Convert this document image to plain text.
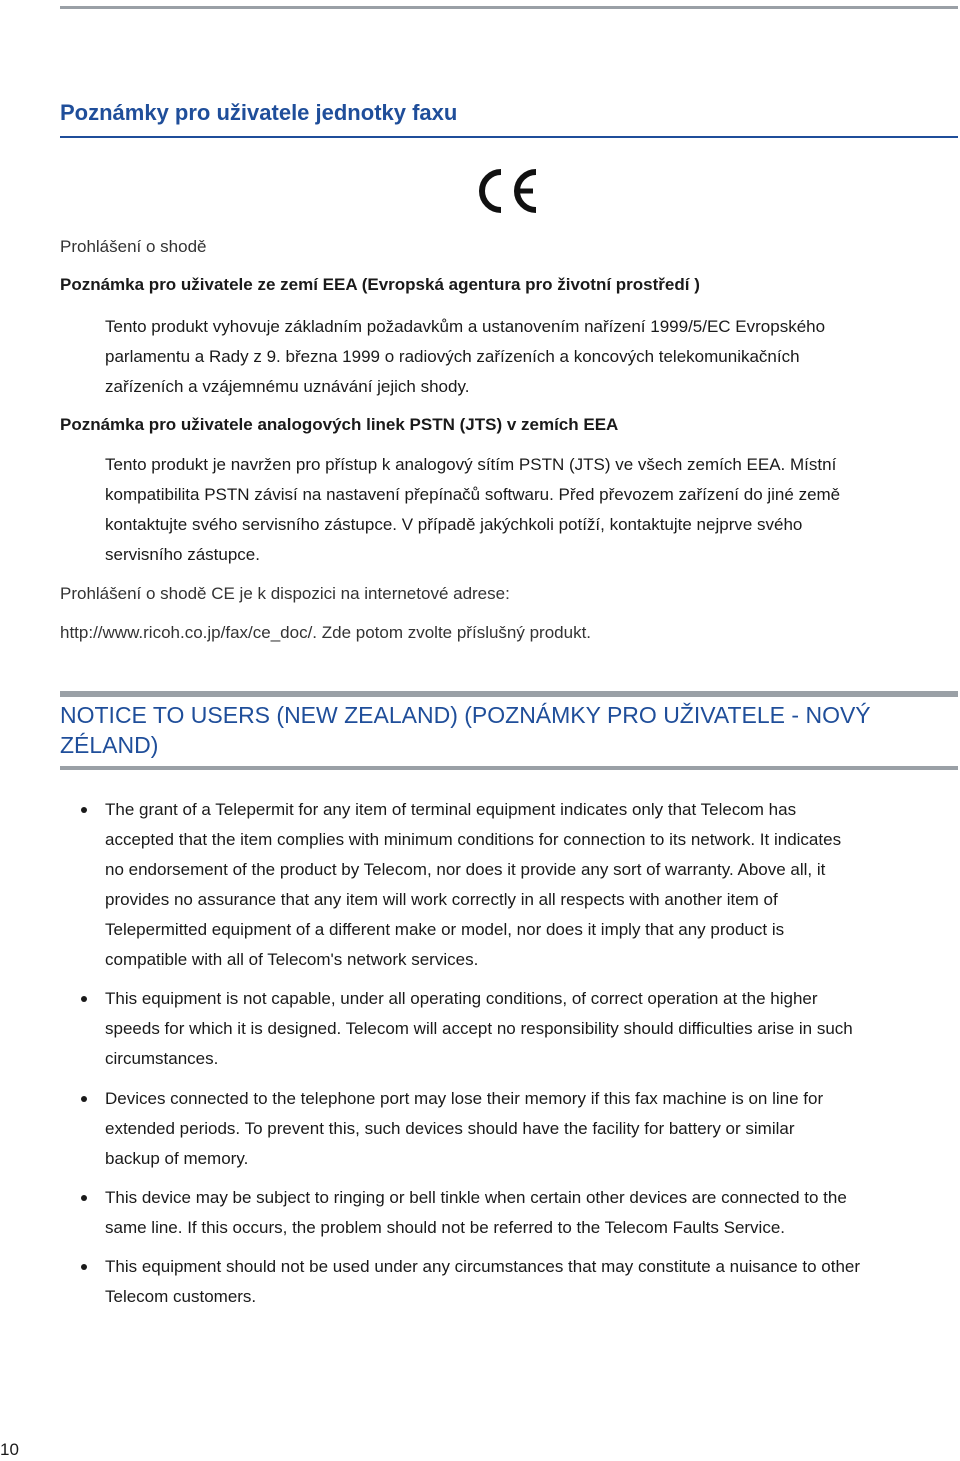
Poznámky pro uživatele jednotky faxu

Prohlášení o shodě

Poznámka pro uživatele ze zemí EEA (Evropská agentura pro životní prostředí )

Tento produkt vyhovuje základním požadavkům a ustanovením nařízení 1999/5/EC Evropského

parlamentu a Rady z 9. března 1999 o radiových zařízeních a koncových telekomunikačních

zařízeních a vzájemnému uznávání jejich shody.

Poznámka pro uživatele analogových linek PSTN (JTS) v zemích EEA

Tento produkt je navržen pro přístup k analogový sítím PSTN (JTS) ve všech zemích EEA. Místní

kompatibilita PSTN závisí na nastavení přepínačů softwaru. Před převozem zařízení do jiné země

kontaktujte svého servisního zástupce. V případě jakýchkoli potíží, kontaktujte nejprve svého

servisního zástupce.

Prohlášení o shodě CE je k dispozici na internetové adrese:

http://www.ricoh.co.jp/fax/ce_doc/. Zde potom zvolte příslušný produkt.

NOTICE TO USERS (NEW ZEALAND) (POZNÁMKY PRO UŽIVATELE - NOVÝ
ZÉLAND)
The grant of a Telepermit for any item of terminal equipment indicates only that Telecom has
accepted that the item complies with minimum conditions for connection to its network. It indicates
no endorsement of the product by Telecom, nor does it provide any sort of warranty. Above all, it
provides no assurance that any item will work correctly in all respects with another item of
Telepermitted equipment of a different make or model, nor does it imply that any product is
compatible with all of Telecom's network services.
This equipment is not capable, under all operating conditions, of correct operation at the higher
speeds for which it is designed. Telecom will accept no responsibility should difficulties arise in such
circumstances.
Devices connected to the telephone port may lose their memory if this fax machine is on line for
extended periods. To prevent this, such devices should have the facility for battery or similar
backup of memory.
This device may be subject to ringing or bell tinkle when certain other devices are connected to the
same line. If this occurs, the problem should not be referred to the Telecom Faults Service.
This equipment should not be used under any circumstances that may constitute a nuisance to other
Telecom customers.
10
